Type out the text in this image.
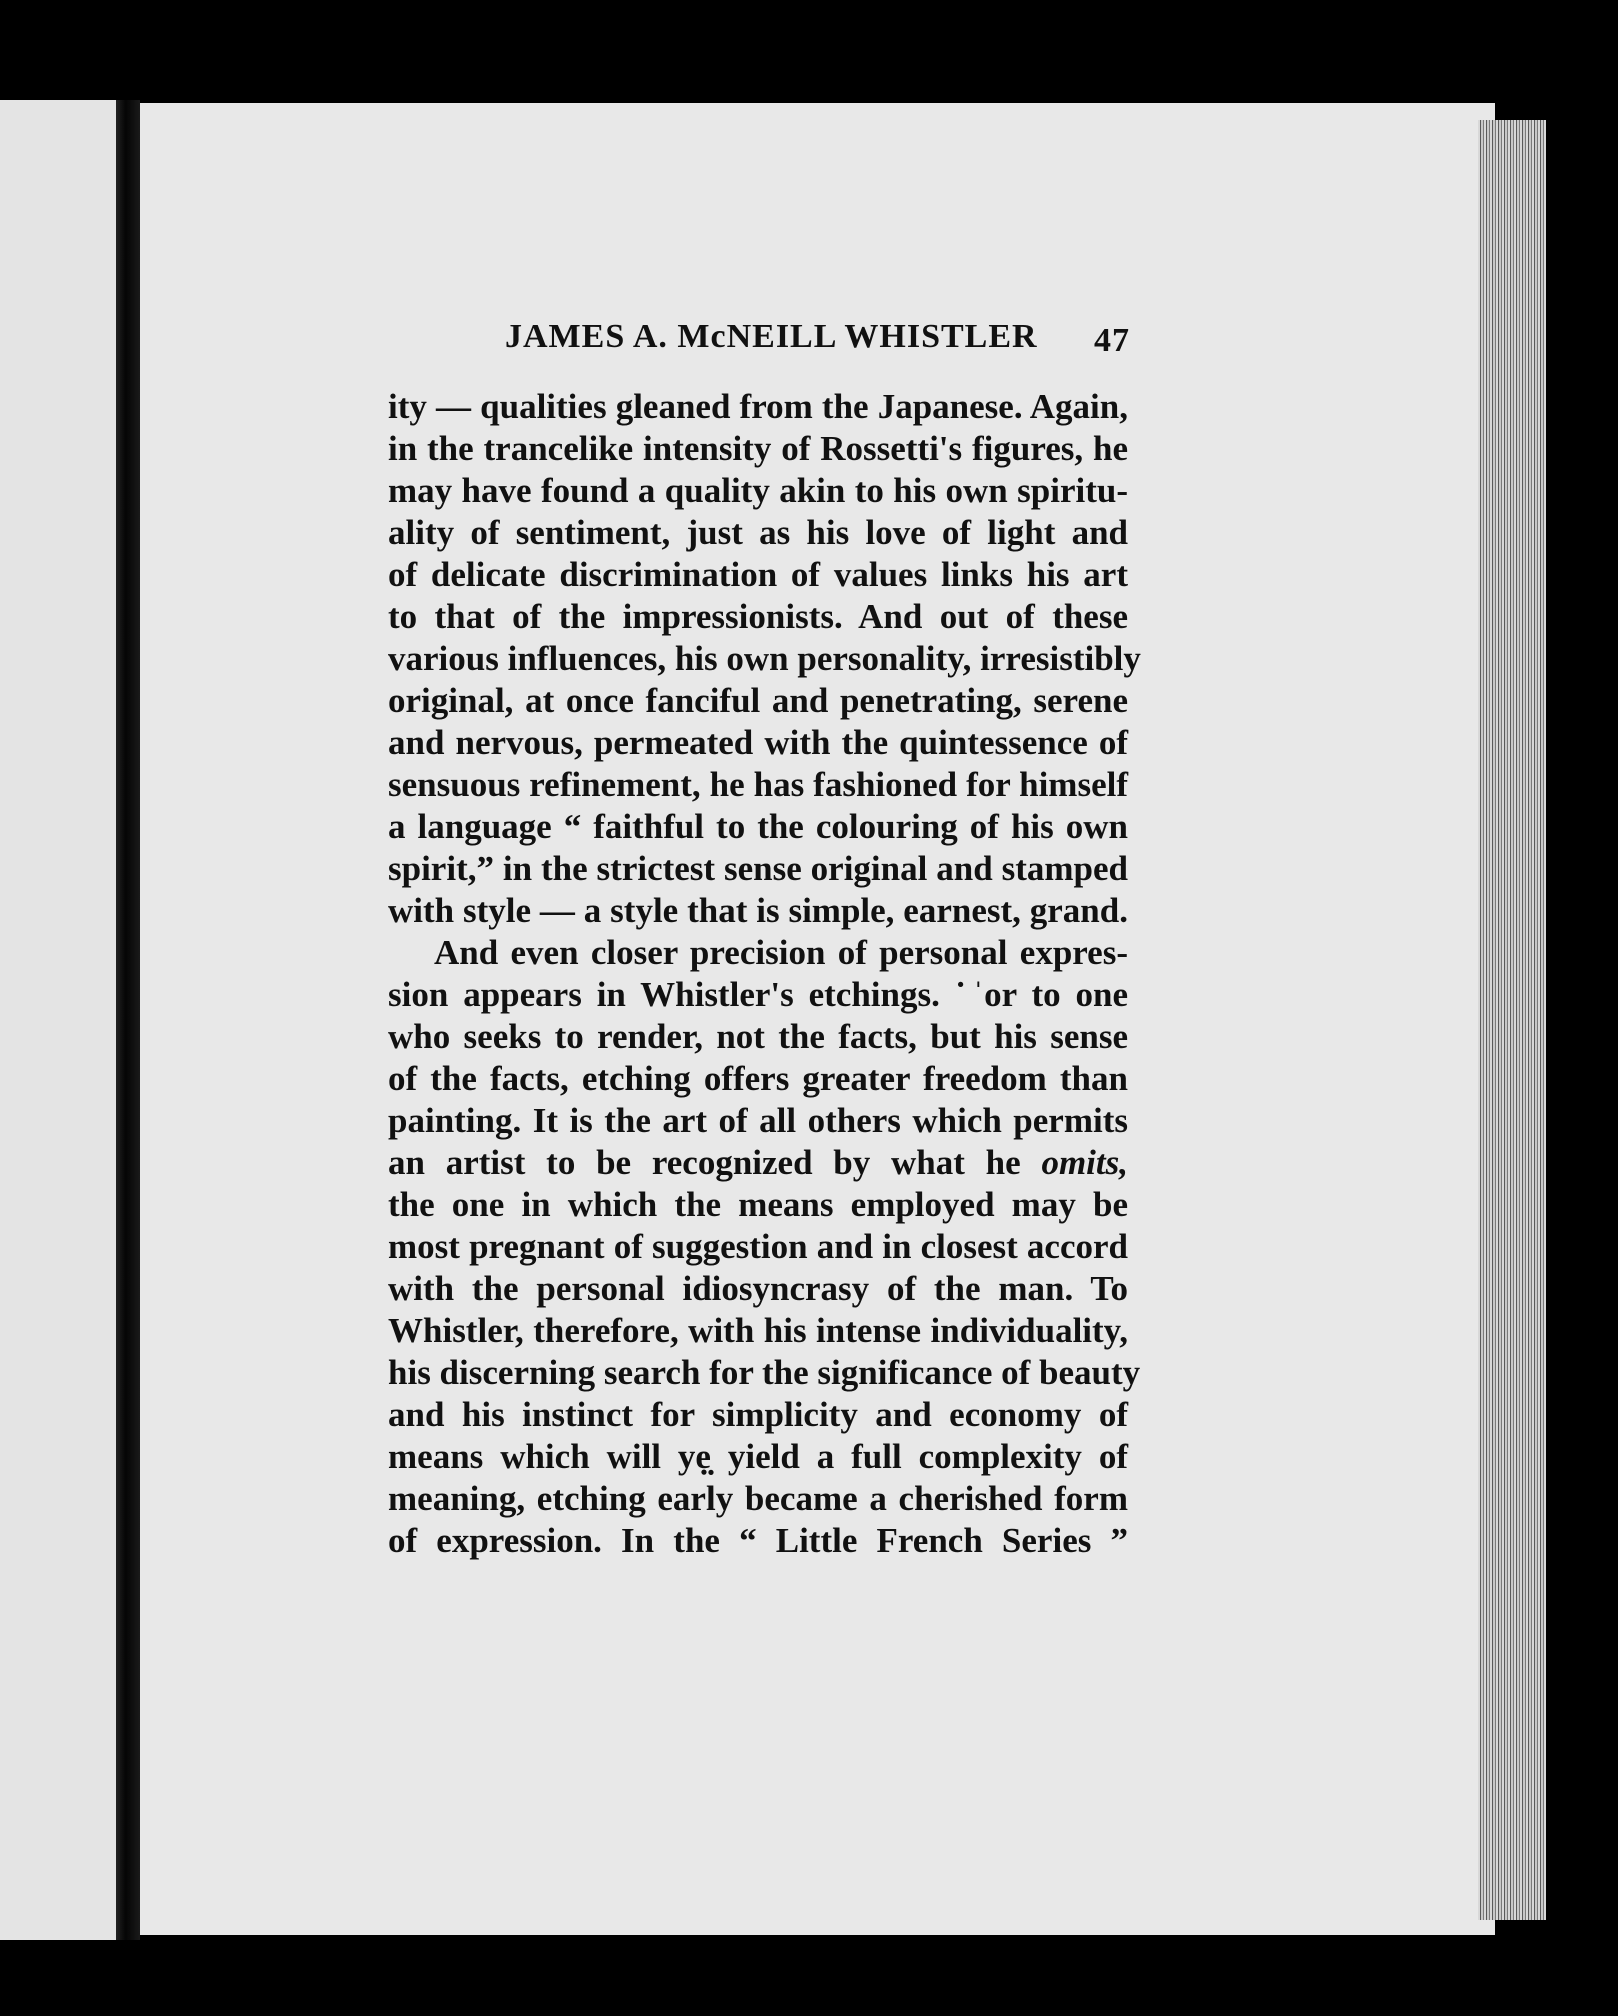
JAMES A. McNEILL WHISTLER 47
ity — qualities gleaned from the Japanese. Again,
in the trancelike intensity of Rossetti's figures, he
may have found a quality akin to his own spiritu-
ality of sentiment, just as his love of light and
of delicate discrimination of values links his art
to that of the impressionists. And out of these
various influences, his own personality, irresistibly
original, at once fanciful and penetrating, serene
and nervous, permeated with the quintessence of
sensuous refinement, he has fashioned for himself
a language “ faithful to the colouring of his own
spirit,” in the strictest sense original and stamped
with style — a style that is simple, earnest, grand.
And even closer precision of personal expres-
sion appears in Whistler's etchings. ˙ˈor to one
who seeks to render, not the facts, but his sense
of the facts, etching offers greater freedom than
painting. It is the art of all others which permits
an artist to be recognized by what he omits,
the one in which the means employed may be
most pregnant of suggestion and in closest accord
with the personal idiosyncrasy of the man. To
Whistler, therefore, with his intense individuality,
his discerning search for the significance of beauty
and his instinct for simplicity and economy of
means which will yẹ̣ yield a full complexity of
meaning, etching early became a cherished form
of expression. In the “ Little French Series ”
